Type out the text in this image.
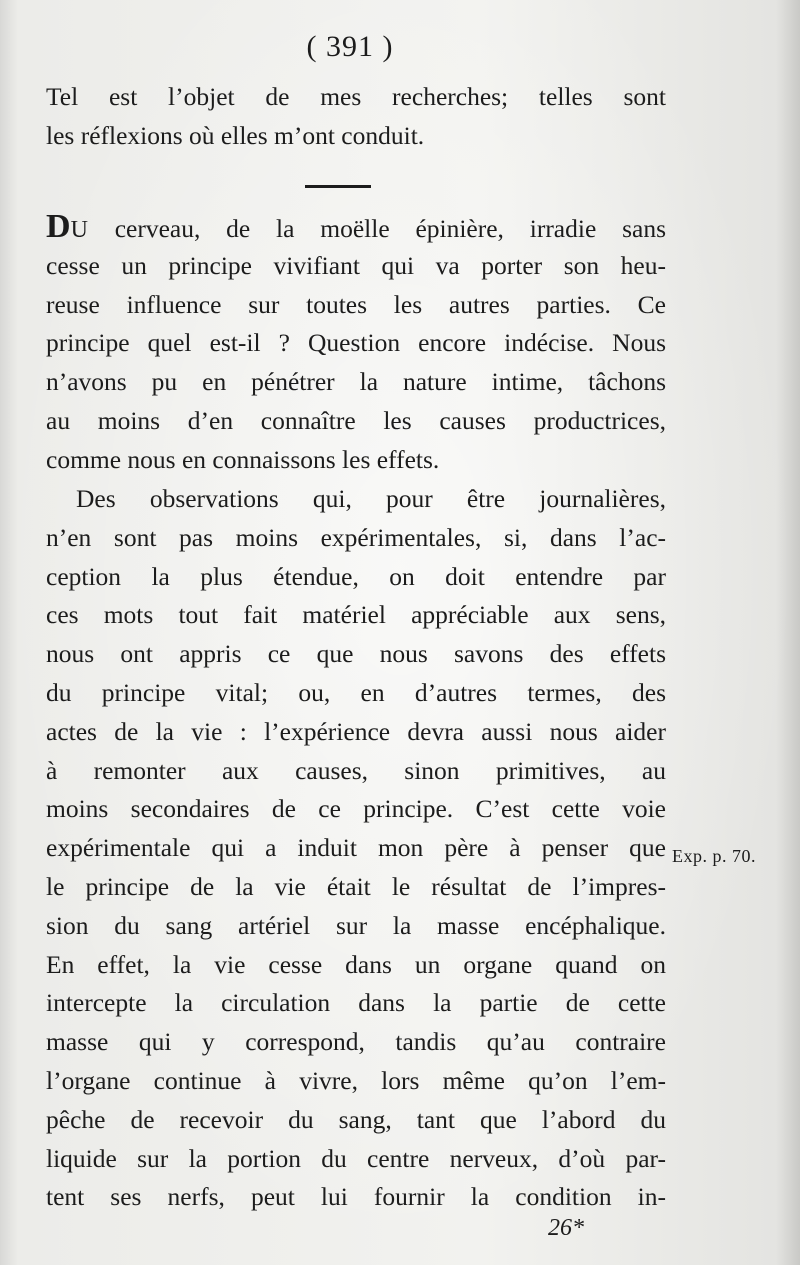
( 391 )
Tel est l’objet de mes recherches; telles sont
les réflexions où elles m’ont conduit.
DU cerveau, de la moëlle épinière, irradie sans
cesse un principe vivifiant qui va porter son heu-
reuse influence sur toutes les autres parties. Ce
principe quel est-il ? Question encore indécise. Nous
n’avons pu en pénétrer la nature intime, tâchons
au moins d’en connaître les causes productrices,
comme nous en connaissons les effets.
Des observations qui, pour être journalières,
n’en sont pas moins expérimentales, si, dans l’ac-
ception la plus étendue, on doit entendre par
ces mots tout fait matériel appréciable aux sens,
nous ont appris ce que nous savons des effets
du principe vital; ou, en d’autres termes, des
actes de la vie : l’expérience devra aussi nous aider
à remonter aux causes, sinon primitives, au
moins secondaires de ce principe. C’est cette voie
expérimentale qui a induit mon père à penser que
le principe de la vie était le résultat de l’impres-
sion du sang artériel sur la masse encéphalique.
En effet, la vie cesse dans un organe quand on
intercepte la circulation dans la partie de cette
masse qui y correspond, tandis qu’au contraire
l’organe continue à vivre, lors même qu’on l’em-
pêche de recevoir du sang, tant que l’abord du
liquide sur la portion du centre nerveux, d’où par-
tent ses nerfs, peut lui fournir la condition in-
Exp. p. 70.
26*
